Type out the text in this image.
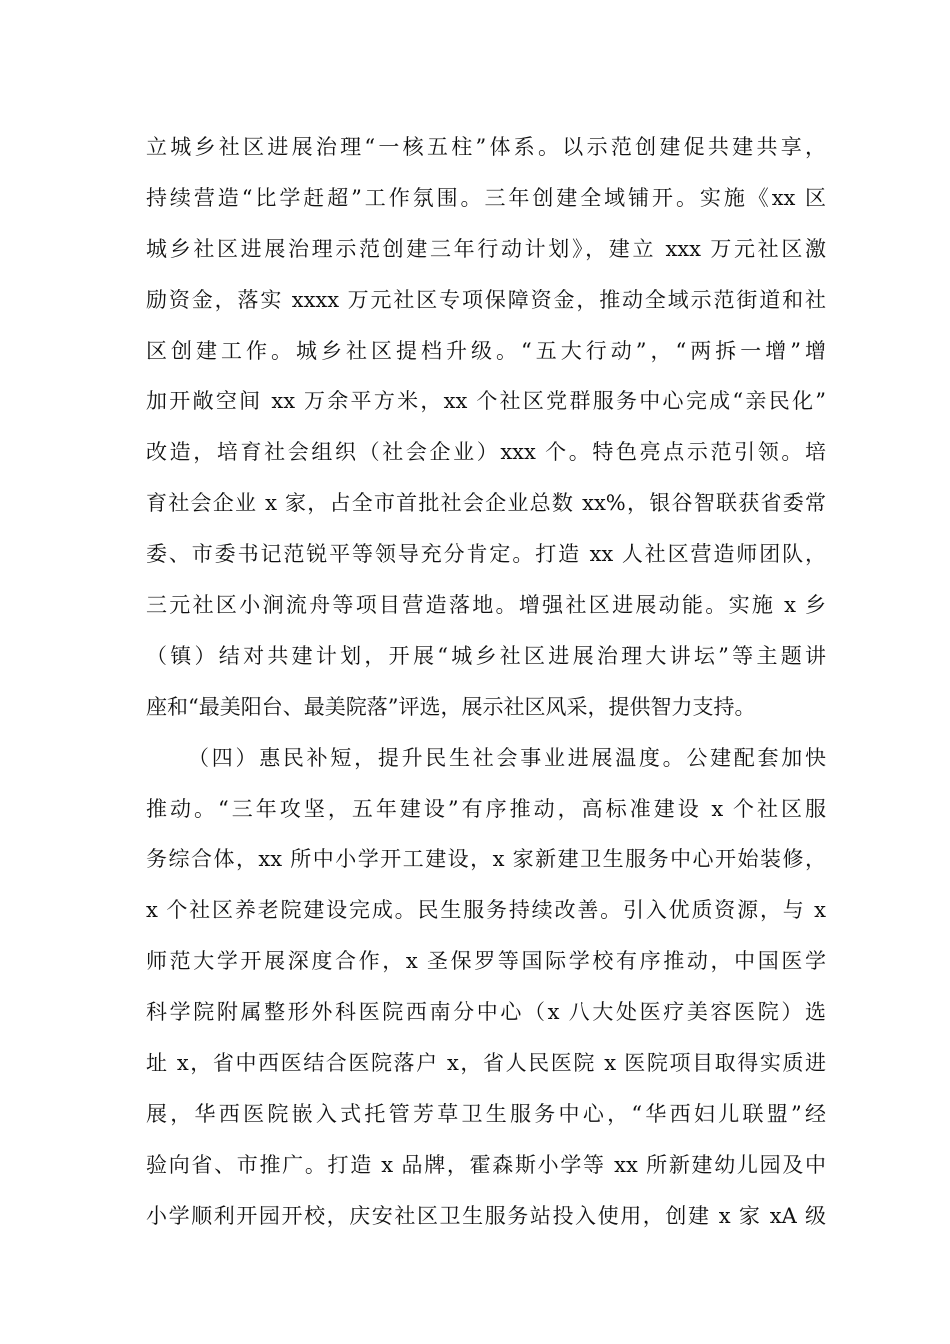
立城乡社区进展治理“一核五柱”体系。以示范创建促共建共享，
持续营造“比学赶超”工作氛围。三年创建全域铺开。实施《xx 区
城乡社区进展治理示范创建三年行动计划》，建立 xxx 万元社区激
励资金，落实 xxxx 万元社区专项保障资金，推动全域示范街道和社
区创建工作。城乡社区提档升级。“五大行动”，“两拆一增”增
加开敞空间 xx 万余平方米，xx 个社区党群服务中心完成“亲民化”
改造，培育社会组织（社会企业）xxx 个。特色亮点示范引领。培
育社会企业 x 家，占全市首批社会企业总数 xx%，银谷智联获省委常
委、市委书记范锐平等领导充分肯定。打造 xx 人社区营造师团队，
三元社区小涧流舟等项目营造落地。增强社区进展动能。实施 x 乡
（镇）结对共建计划，开展“城乡社区进展治理大讲坛”等主题讲
座和“最美阳台、最美院落”评选，展示社区风采，提供智力支持。
（四）惠民补短，提升民生社会事业进展温度。公建配套加快
推动。“三年攻坚，五年建设”有序推动，高标准建设 x 个社区服
务综合体，xx 所中小学开工建设，x 家新建卫生服务中心开始装修，
x 个社区养老院建设完成。民生服务持续改善。引入优质资源，与 x
师范大学开展深度合作，x 圣保罗等国际学校有序推动，中国医学
科学院附属整形外科医院西南分中心（x 八大处医疗美容医院）选
址 x，省中西医结合医院落户 x，省人民医院 x 医院项目取得实质进
展，华西医院嵌入式托管芳草卫生服务中心，“华西妇儿联盟”经
验向省、市推广。打造 x 品牌，霍森斯小学等 xx 所新建幼儿园及中
小学顺利开园开校，庆安社区卫生服务站投入使用，创建 x 家 xA 级
